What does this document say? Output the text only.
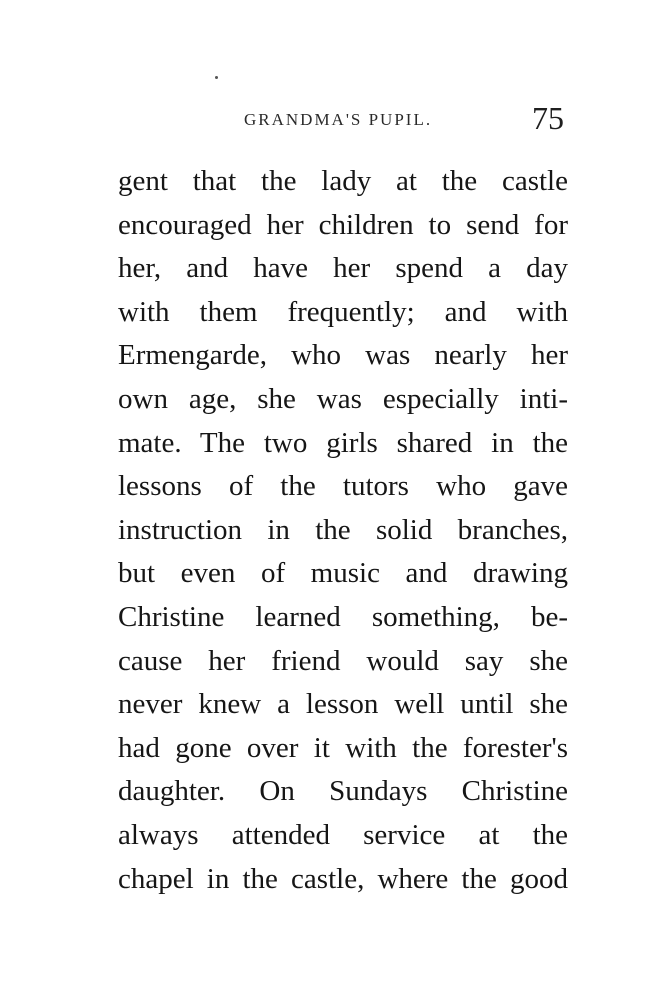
GRANDMA'S PUPIL.	75
gent that the lady at the castle
encouraged her children to send for
her, and have her spend a day
with them frequently; and with
Ermengarde, who was nearly her
own age, she was especially inti-
mate. The two girls shared in the
lessons of the tutors who gave
instruction in the solid branches,
but even of music and drawing
Christine learned something, be-
cause her friend would say she
never knew a lesson well until she
had gone over it with the forester's
daughter. On Sundays Christine
always attended service at the
chapel in the castle, where the good
